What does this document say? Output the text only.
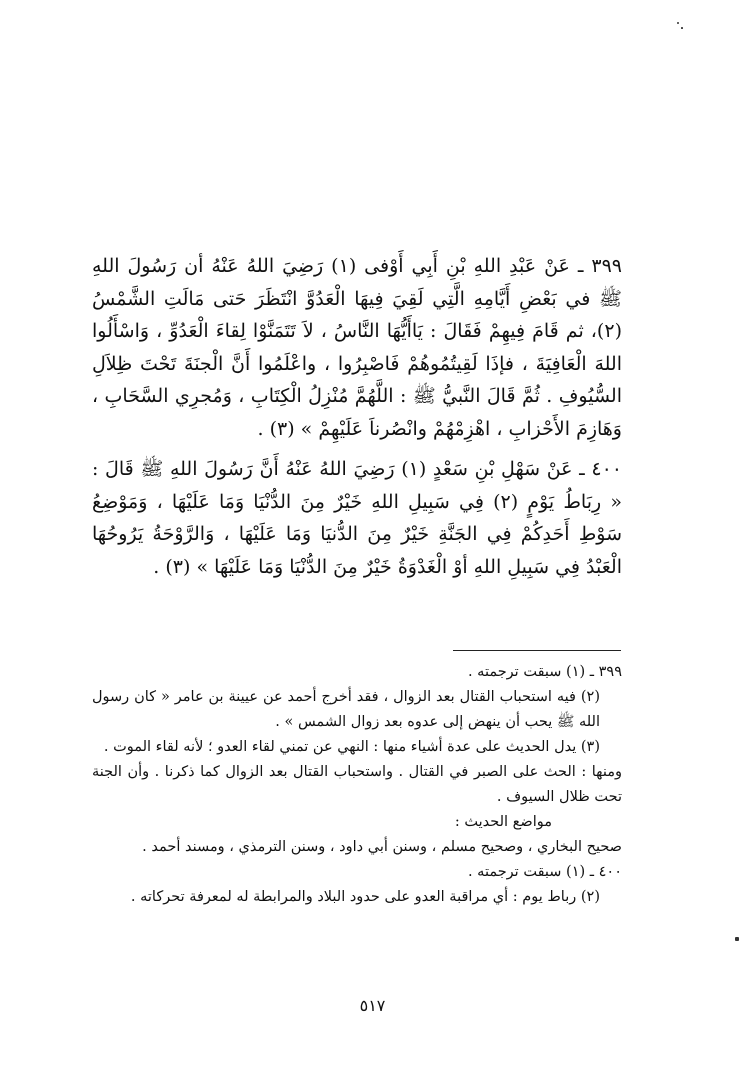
٣٩٩ ـ عَنْ عَبْدِ اللهِ بْنِ أَبِي أَوْفى (١) رَضِيَ اللهُ عَنْهُ أن رَسُولَ اللهِ ﷺ في بَعْضِ أَيَّامِهِ الَّتِي لَقِيَ فِيهَا الْعَدُوَّ انْتَظَرَ حَتى مَالَتِ الشَّمْسُ (٢)، ثم قَامَ فِيهِمْ فَقَالَ : يَاأَيُّهَا النَّاسُ ، لاَ تَتَمَنَّوْا لِقاءَ الْعَدُوِّ ، وَاسْأَلُوا اللهَ الْعَافِيَةَ ، فإذَا لَقِيتُمُوهُمْ فَاصْبِرُوا ، واعْلَمُوا أَنَّ الْجنَةَ تَحْتَ ظِلاَلِ السُّيُوفِ . ثُمَّ قَالَ النَّبيُّ ﷺ : اللَّهُمَّ مُنْزِلُ الْكِتَابِ ، وَمُجرِي السَّحَابِ ، وَهَازِمَ الأَحْزابِ ، اهْزِمْهُمْ وانْصُرناَ عَلَيْهِمْ » (٣) .

٤٠٠ ـ عَنْ سَهْلِ بْنِ سَعْدٍ (١) رَضِيَ اللهُ عَنْهُ أَنَّ رَسُولَ اللهِ ﷺ قَالَ : « رِبَاطُ يَوْمٍ (٢) فِي سَبِيلِ اللهِ خَيْرٌ مِنَ الدُّنْيَا وَمَا عَلَيْهَا ، وَمَوْضِعُ سَوْطِ أَحَدِكُمْ فِي الجَنَّةِ خَيْرٌ مِنَ الدُّنيَا وَمَا عَلَيْهَا ، وَالرَّوْحَةُ يَرُوحُهَا الْعَبْدُ فِي سَبِيلِ اللهِ أوْ الْغَدْوَةُ خَيْرٌ مِنَ الدُّنْيَا وَمَا عَلَيْهَا » (٣) .

٣٩٩ ـ (١) سبقت ترجمته .

(٢) فيه استحباب القتال بعد الزوال ، فقد أخرج أحمد عن عيينة بن عامر « كان رسول الله ﷺ يحب أن ينهض إلى عدوه بعد زوال الشمس » .

(٣) يدل الحديث على عدة أشياء منها : النهي عن تمني لقاء العدو ؛ لأنه لقاء الموت .

ومنها : الحث على الصبر في القتال . واستحباب القتال بعد الزوال كما ذكرنا . وأن الجنة تحت ظلال السيوف .

مواضع الحديث :

صحيح البخاري ، وصحيح مسلم ، وسنن أبي داود ، وسنن الترمذي ، ومسند أحمد .

٤٠٠ ـ (١) سبقت ترجمته .

(٢) رباط يوم : أي مراقبة العدو على حدود البلاد والمرابطة له لمعرفة تحركاته .

٥١٧
